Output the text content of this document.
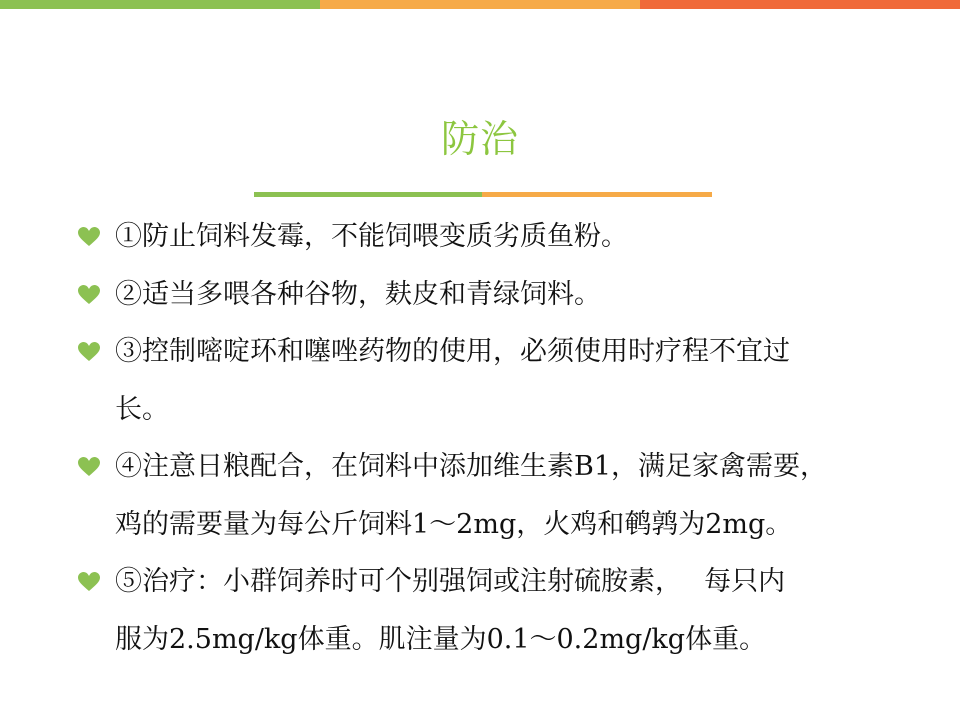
防治
①防止饲料发霉，不能饲喂变质劣质鱼粉。
②适当多喂各种谷物，麸皮和青绿饲料。
③控制嘧啶环和噻唑药物的使用，必须使用时疗程不宜过
长。
④注意日粮配合，在饲料中添加维生素B1，满足家禽需要，
鸡的需要量为每公斤饲料1～2mg，火鸡和鹌鹑为2mg。
⑤治疗：小群饲养时可个别强饲或注射硫胺素，　 每只内
服为2.5mg/kg体重。肌注量为0.1～0.2mg/kg体重。
